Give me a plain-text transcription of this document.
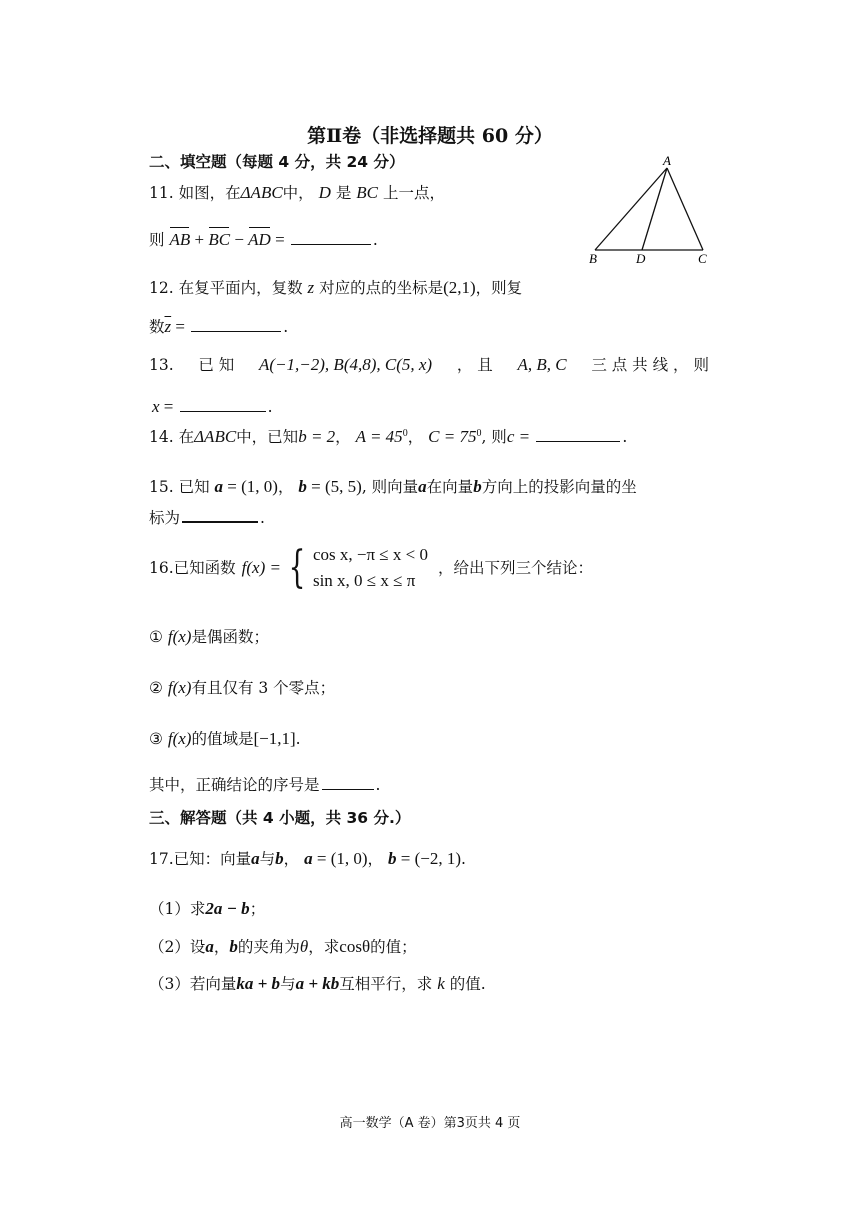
第Ⅱ卷（非选择题共 60 分）
二、填空题（每题 4 分，共 24 分）	A
B	D	C
11. 如图，在ΔABC中， D 是 BC 上一点，
则 AB + BC − AD =	.
12. 在复平面内，复数 z 对应的点的坐标是(2,1)，则复
数$\overline{z}$ =	.
13. 已 知 A(−1,−2), B(4,8), C(5, x) ， 且 A, B, C 三 点 共 线 ， 则
x =	.
14. 在ΔABC中，已知b = 2， $A = 45^0$， $C = 75^0$, 则c =	.
15. 已知 a = (1, 0)， b = (5, 5), 则向量a在向量b方向上的投影向量的坐
标为	.
16.已知函数 f(x) = { cos x, −π ≤ x < 0
sin x, 0 ≤ x ≤ π
，给出下列三个结论：
① f(x)是偶函数；
② f(x)有且仅有 3 个零点；
③ f(x)的值域是[−1,1].
其中，正确结论的序号是	.
三、解答题（共 4 小题，共 36 分.）
17.已知：向量a与b， a = (1, 0)， b = (−2, 1).
（1）求2a − b；
（2）设a，b的夹角为θ，求cosθ的值；
（3）若向量ka + b与a + kb互相平行，求 k 的值.
高一数学（A 卷）第3页共 4 页
